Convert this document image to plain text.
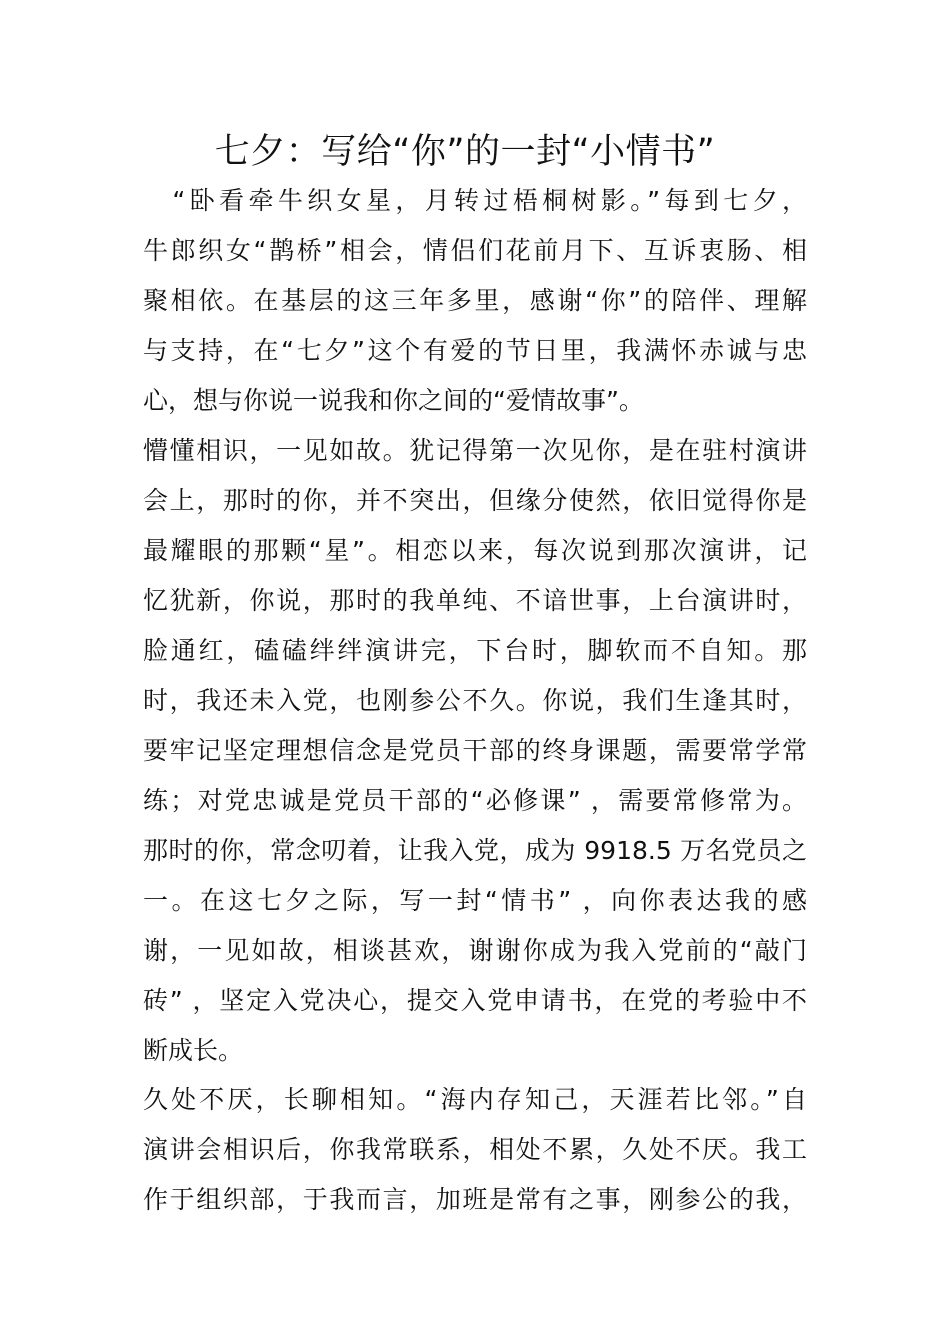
七夕：写给“你”的一封“小情书”
　“卧看牵牛织女星，月转过梧桐树影。”每到七夕，
牛郎织女“鹊桥”相会，情侣们花前月下、互诉衷肠、相
聚相依。在基层的这三年多里，感谢“你”的陪伴、理解
与支持，在“七夕”这个有爱的节日里，我满怀赤诚与忠
心，想与你说一说我和你之间的“爱情故事”。
懵懂相识，一见如故。犹记得第一次见你，是在驻村演讲
会上，那时的你，并不突出，但缘分使然，依旧觉得你是
最耀眼的那颗“星”。相恋以来，每次说到那次演讲，记
忆犹新，你说，那时的我单纯、不谙世事，上台演讲时，
脸通红，磕磕绊绊演讲完，下台时，脚软而不自知。那
时，我还未入党，也刚参公不久。你说，我们生逢其时，
要牢记坚定理想信念是党员干部的终身课题，需要常学常
练；对党忠诚是党员干部的“必修课” ，需要常修常为。
那时的你，常念叨着，让我入党，成为 9918.5 万名党员之
一。在这七夕之际，写一封“情书” ，向你表达我的感
谢，一见如故，相谈甚欢，谢谢你成为我入党前的“敲门
砖” ，坚定入党决心，提交入党申请书，在党的考验中不
断成长。
久处不厌，长聊相知。“海内存知己，天涯若比邻。”自
演讲会相识后，你我常联系，相处不累，久处不厌。我工
作于组织部，于我而言，加班是常有之事，刚参公的我，
